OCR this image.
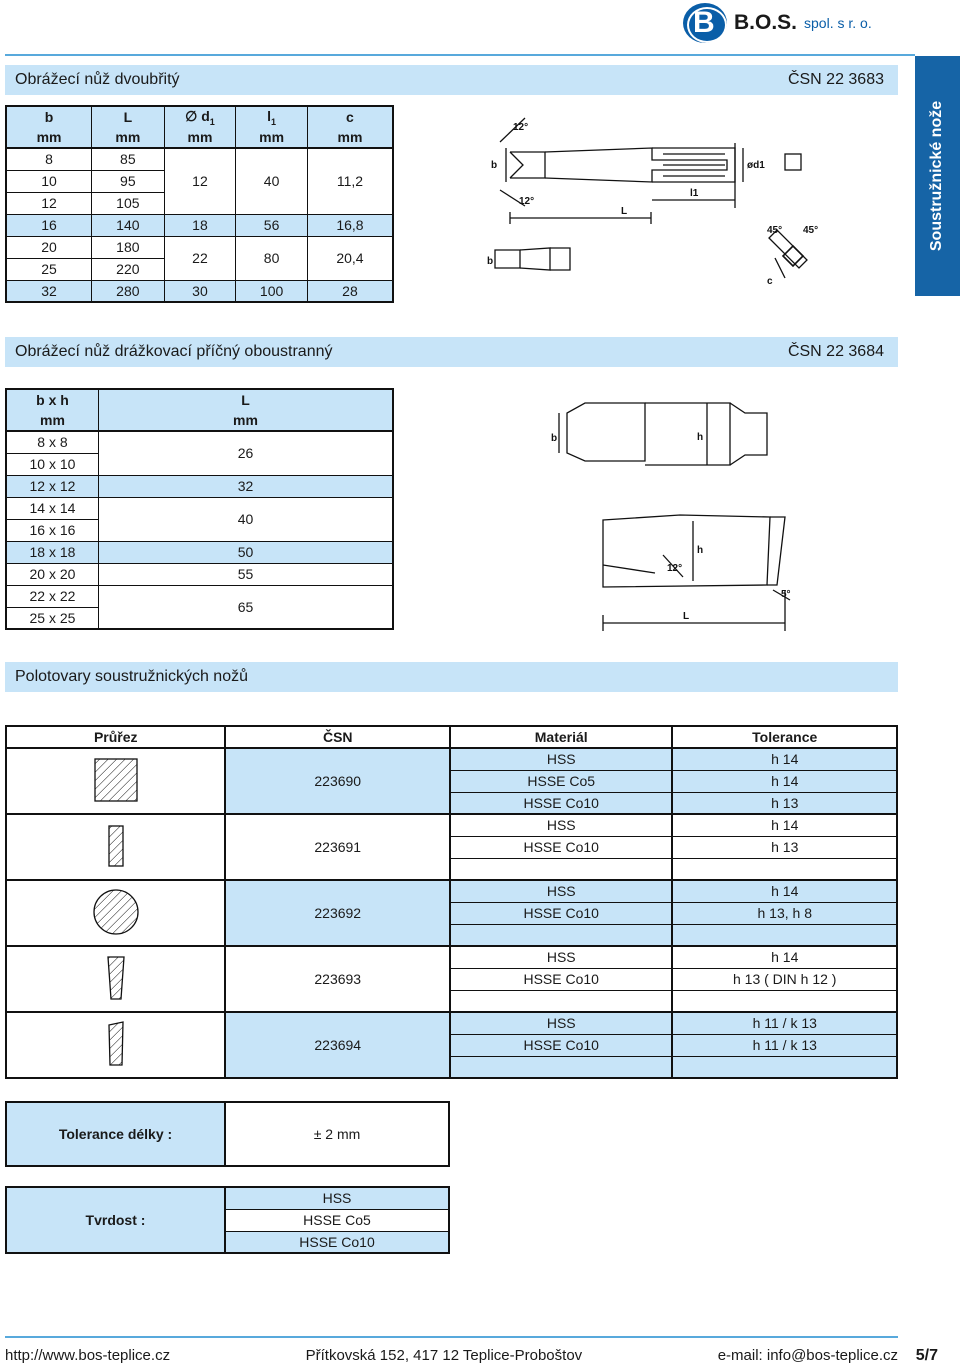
B B.O.S. spol. s r. o.
Soustružnické nože
Obrážecí nůž dvoubřitý	ČSN 22 3683
b	L	∅ $d_1$	$l_1$	c
mm	mm	mm	mm	mm
8	85	12	40	11,2
10	95			
12	105			
16	140	18	56	16,8
20	180	22	80	20,4
25	220			
32	280	30	100	28
12°
12°
b
L
l1
ød1
b
45° 45°
c
Obrážecí nůž drážkovací příčný oboustranný	ČSN 22 3684
b x h	L
mm	mm
8 x 8	26
10 x 10	
12 x 12	32
14 x 14	40
16 x 16	
18 x 18	50
20 x 20	55
22 x 22	65
25 x 25	
b	h
12°
h
5°
L
Polotovary soustružnických nožů
Průřez	ČSN	Materiál	Tolerance
	223690	HSS	h 14
		HSSE Co5	h 14
		HSSE Co10	h 13
	223691	HSS	h 14
		HSSE Co10	h 13

	223692	HSS	h 14
		HSSE Co10	h 13, h 8

	223693	HSS	h 14
		HSSE Co10	h 13 ( DIN h 12 )

	223694	HSS	h 11 / k 13
		HSSE Co10	h 11 / k 13

Tolerance délky :	± 2 mm
Tvrdost :	HSS
HSSE Co5
HSSE Co10
http://www.bos-teplice.cz	Přítkovská 152, 417 12 Teplice-Proboštov	e-mail: info@bos-teplice.cz 5/7
